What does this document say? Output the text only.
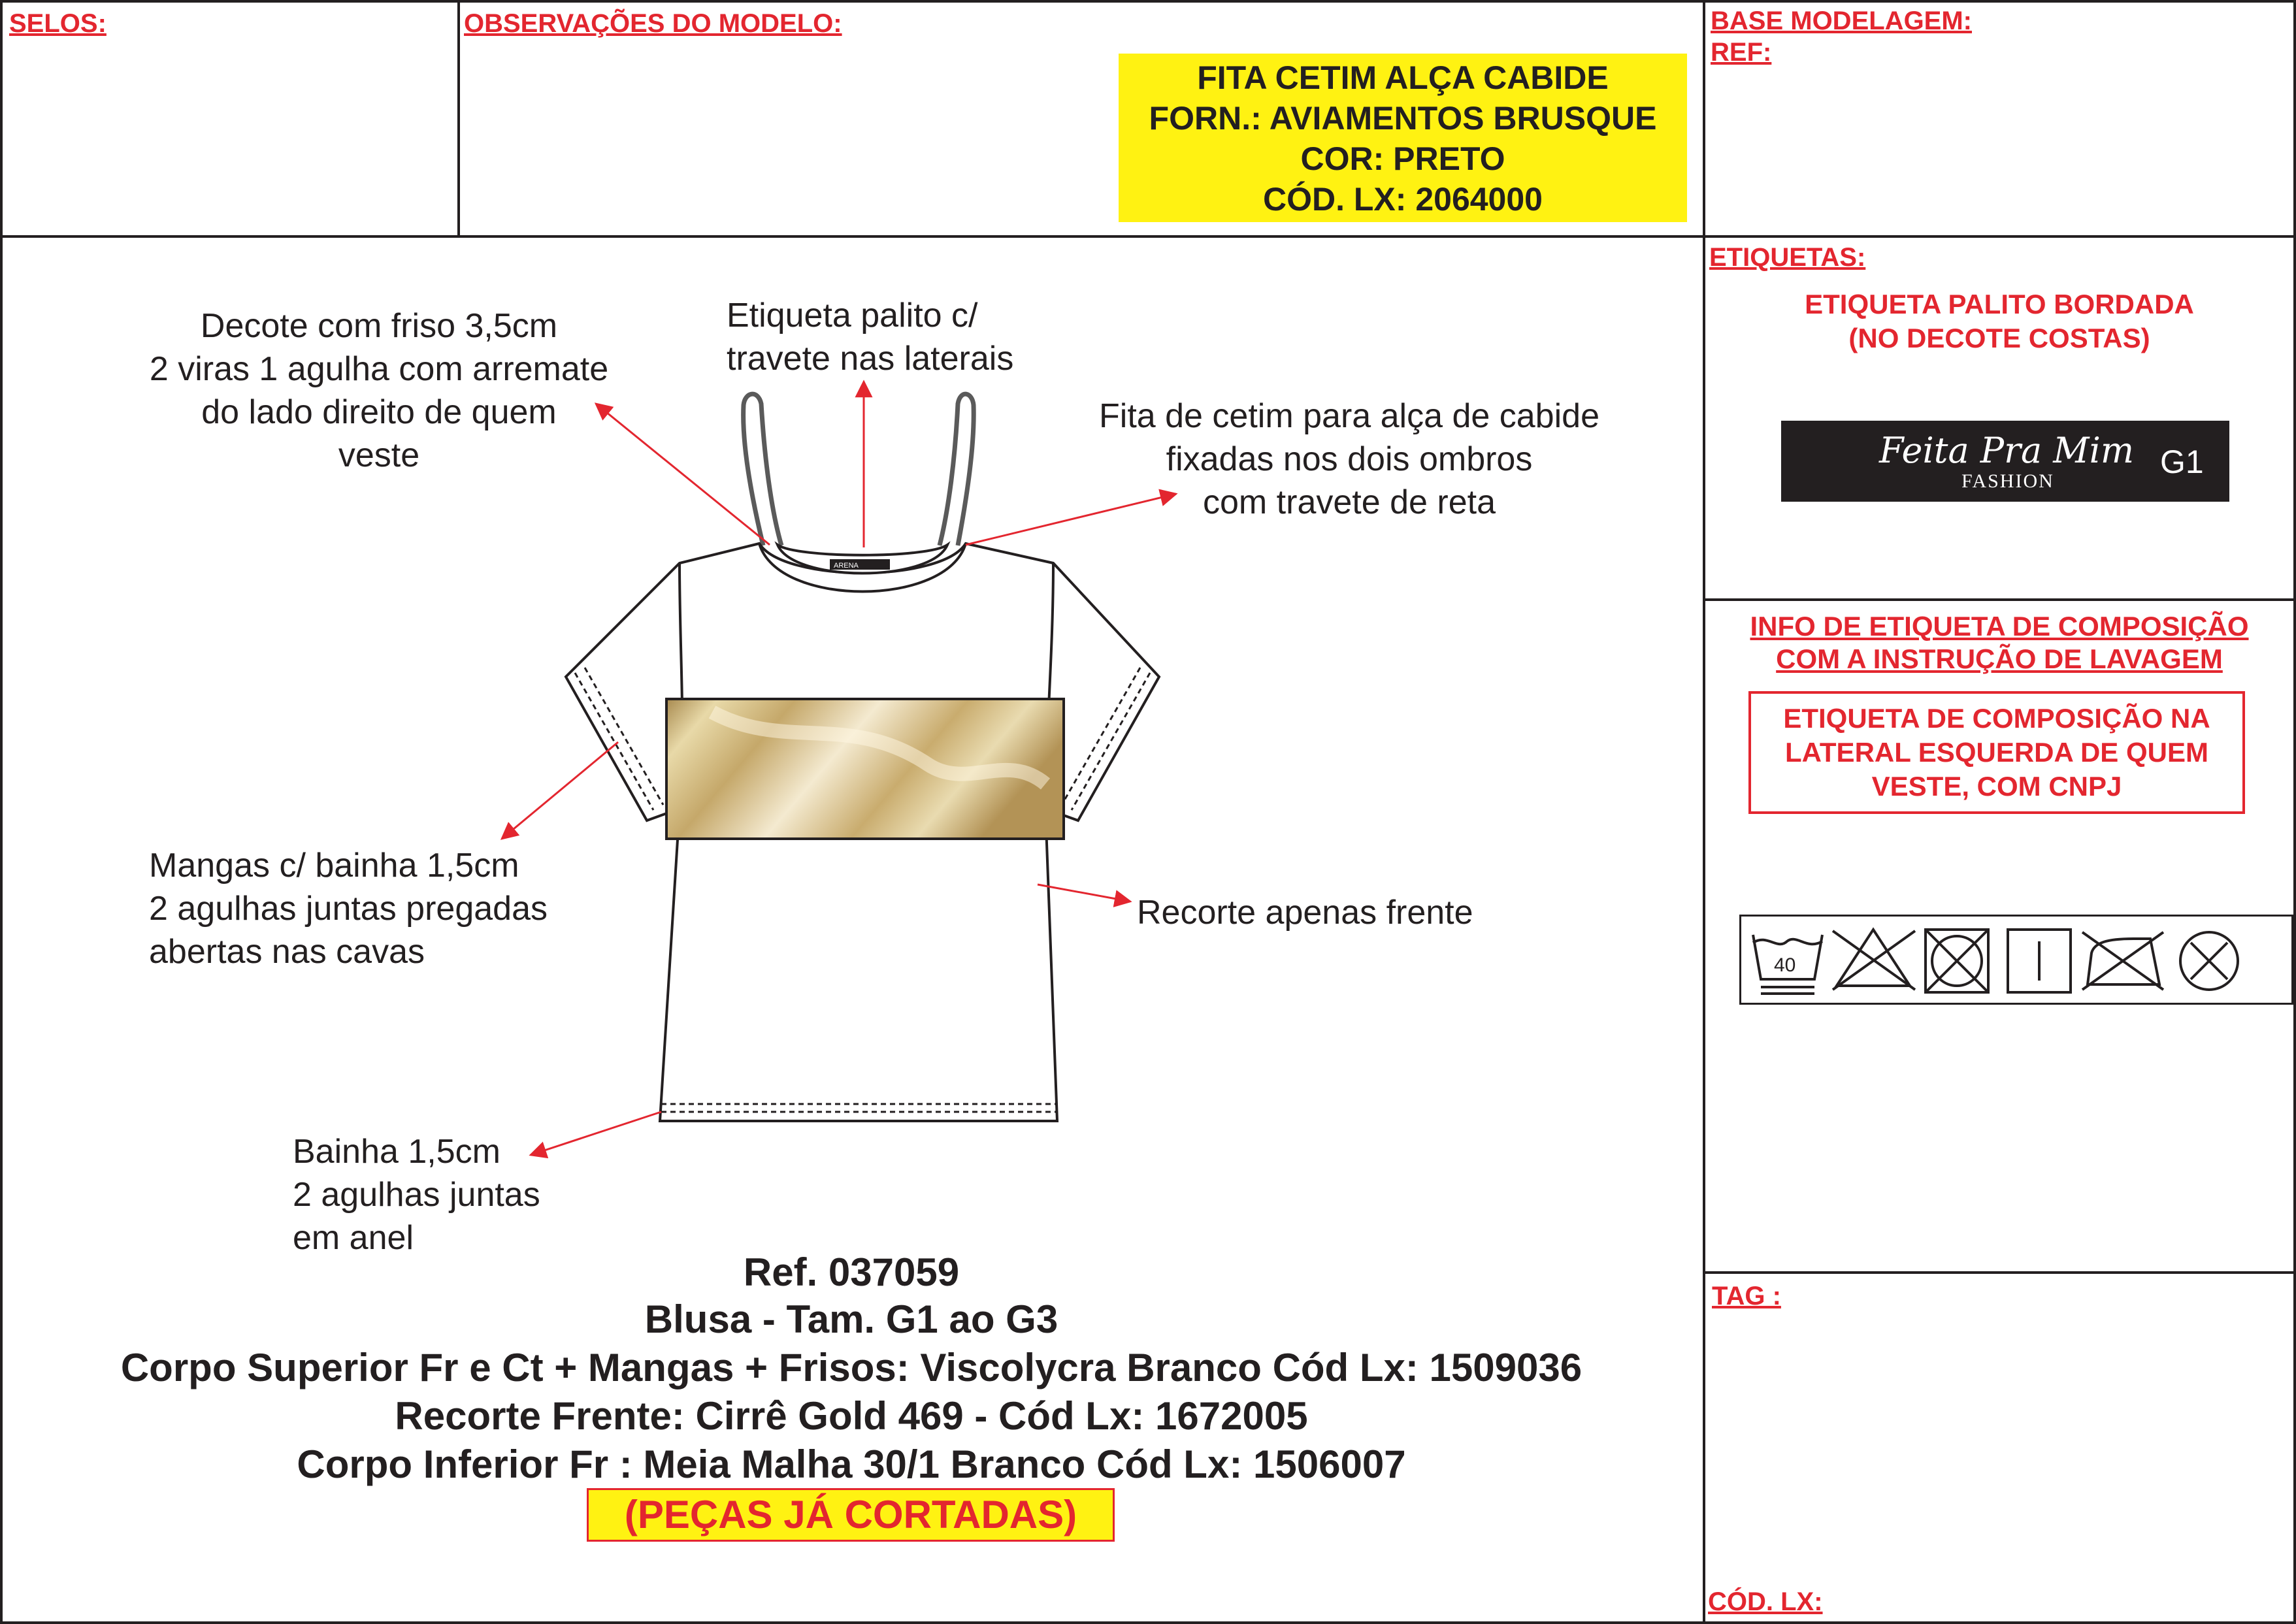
SELOS:	OBSERVAÇÕES DO MODELO:	BASE MODELAGEM:
REF:
FITA CETIM ALÇA CABIDE
FORN.: AVIAMENTOS BRUSQUE
COR: PRETO
CÓD. LX: 2064000
ARENA
Decote com friso 3,5cm
2 viras 1 agulha com arremate
do lado direito de quem
veste
Etiqueta palito c/
travete nas laterais
Fita de cetim para alça de cabide
fixadas nos dois ombros
com travete de reta
Mangas c/ bainha 1,5cm
2 agulhas juntas pregadas
abertas nas cavas
Recorte apenas frente
Bainha 1,5cm
2 agulhas juntas
em anel
Ref. 037059
Blusa - Tam. G1 ao G3
Corpo Superior Fr e Ct + Mangas + Frisos: Viscolycra Branco Cód Lx: 1509036
Recorte Frente: Cirrê Gold 469 - Cód Lx: 1672005
Corpo Inferior Fr : Meia Malha 30/1 Branco Cód Lx: 1506007
(PEÇAS JÁ CORTADAS)
ETIQUETAS:
ETIQUETA PALITO BORDADA
(NO DECOTE COSTAS)
Feita Pra Mim
FASHION
G1
INFO DE ETIQUETA DE COMPOSIÇÃO
COM A INSTRUÇÃO DE LAVAGEM
ETIQUETA DE COMPOSIÇÃO NA
LATERAL ESQUERDA DE QUEM
VESTE, COM CNPJ
40
TAG :
CÓD. LX:
